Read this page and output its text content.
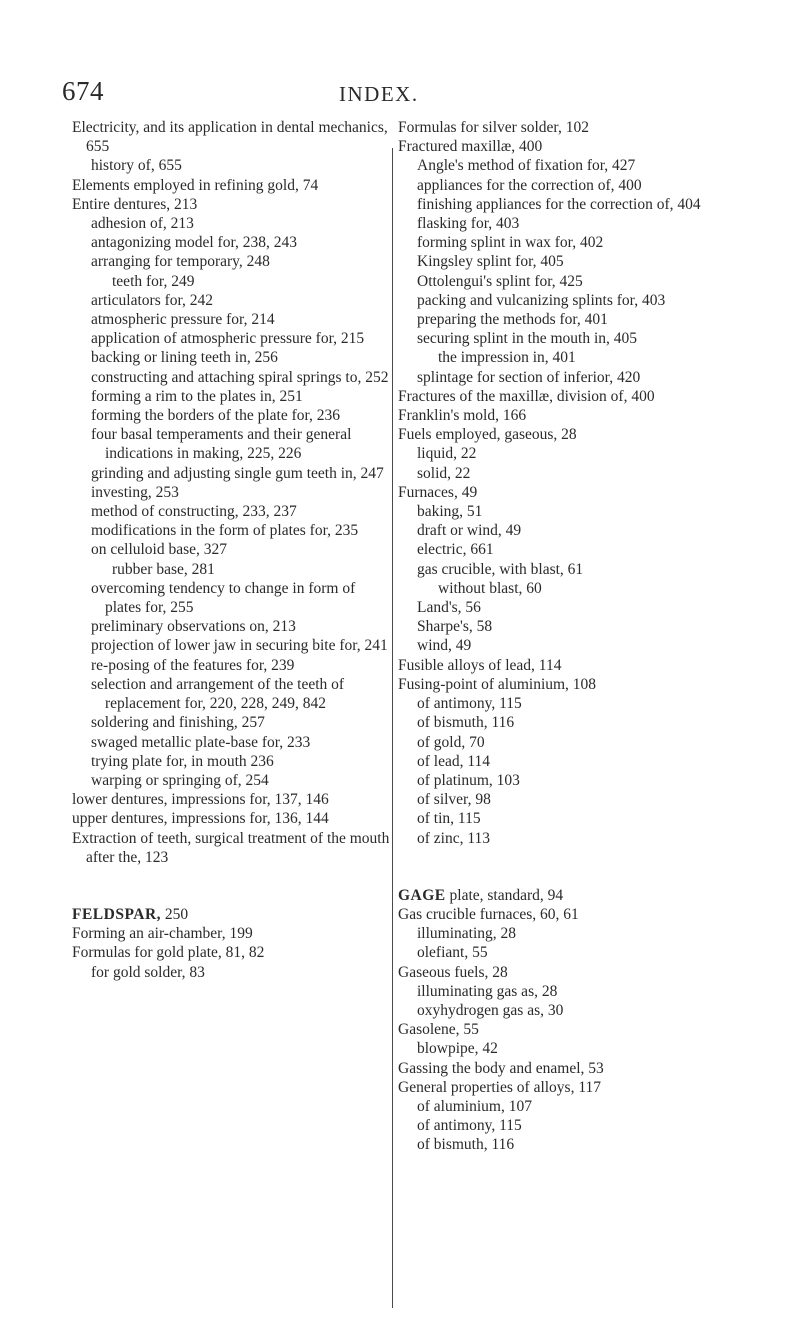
674	INDEX.
Electricity, and its application in dental mechanics, 655
history of, 655
Elements employed in refining gold, 74
Entire dentures, 213
adhesion of, 213
antagonizing model for, 238, 243
arranging for temporary, 248
teeth for, 249
articulators for, 242
atmospheric pressure for, 214
application of atmospheric pressure for, 215
backing or lining teeth in, 256
constructing and attaching spiral springs to, 252
forming a rim to the plates in, 251
forming the borders of the plate for, 236
four basal temperaments and their general indications in making, 225, 226
grinding and adjusting single gum teeth in, 247
investing, 253
method of constructing, 233, 237
modifications in the form of plates for, 235
on celluloid base, 327
rubber base, 281
overcoming tendency to change in form of plates for, 255
preliminary observations on, 213
projection of lower jaw in securing bite for, 241
re-posing of the features for, 239
selection and arrangement of the teeth of replacement for, 220, 228, 249, 842
soldering and finishing, 257
swaged metallic plate-base for, 233
trying plate for, in mouth 236
warping or springing of, 254
lower dentures, impressions for, 137, 146
upper dentures, impressions for, 136, 144
Extraction of teeth, surgical treatment of the mouth after the, 123
FELDSPAR, 250
Forming an air-chamber, 199
Formulas for gold plate, 81, 82
for gold solder, 83
Formulas for silver solder, 102
Fractured maxillæ, 400
Angle's method of fixation for, 427
appliances for the correction of, 400
finishing appliances for the correction of, 404
flasking for, 403
forming splint in wax for, 402
Kingsley splint for, 405
Ottolengui's splint for, 425
packing and vulcanizing splints for, 403
preparing the methods for, 401
securing splint in the mouth in, 405
the impression in, 401
splintage for section of inferior, 420
Fractures of the maxillæ, division of, 400
Franklin's mold, 166
Fuels employed, gaseous, 28
liquid, 22
solid, 22
Furnaces, 49
baking, 51
draft or wind, 49
electric, 661
gas crucible, with blast, 61
without blast, 60
Land's, 56
Sharpe's, 58
wind, 49
Fusible alloys of lead, 114
Fusing-point of aluminium, 108
of antimony, 115
of bismuth, 116
of gold, 70
of lead, 114
of platinum, 103
of silver, 98
of tin, 115
of zinc, 113
GAGE plate, standard, 94
Gas crucible furnaces, 60, 61
illuminating, 28
olefiant, 55
Gaseous fuels, 28
illuminating gas as, 28
oxyhydrogen gas as, 30
Gasolene, 55
blowpipe, 42
Gassing the body and enamel, 53
General properties of alloys, 117
of aluminium, 107
of antimony, 115
of bismuth, 116
